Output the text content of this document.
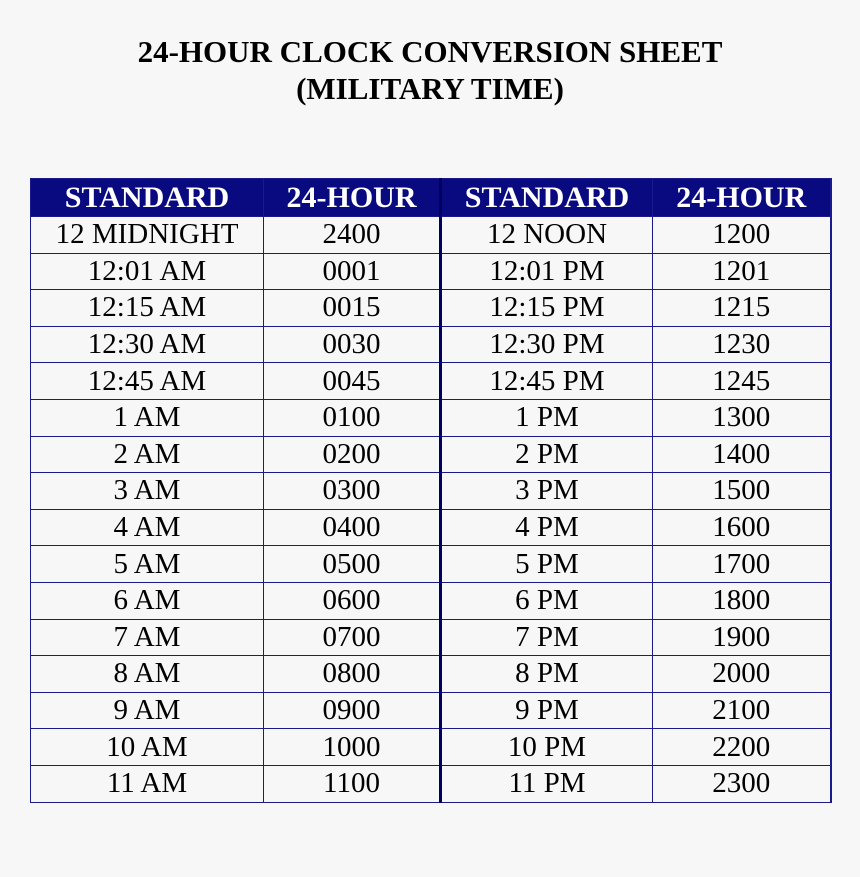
24-HOUR CLOCK CONVERSION SHEET
(MILITARY TIME)
STANDARD	24-HOUR	STANDARD	24-HOUR
12 MIDNIGHT	2400	12 NOON	1200
12:01 AM	0001	12:01 PM	1201
12:15 AM	0015	12:15 PM	1215
12:30 AM	0030	12:30 PM	1230
12:45 AM	0045	12:45 PM	1245
1 AM	0100	1 PM	1300
2 AM	0200	2 PM	1400
3 AM	0300	3 PM	1500
4 AM	0400	4 PM	1600
5 AM	0500	5 PM	1700
6 AM	0600	6 PM	1800
7 AM	0700	7 PM	1900
8 AM	0800	8 PM	2000
9 AM	0900	9 PM	2100
10 AM	1000	10 PM	2200
11 AM	1100	11 PM	2300
